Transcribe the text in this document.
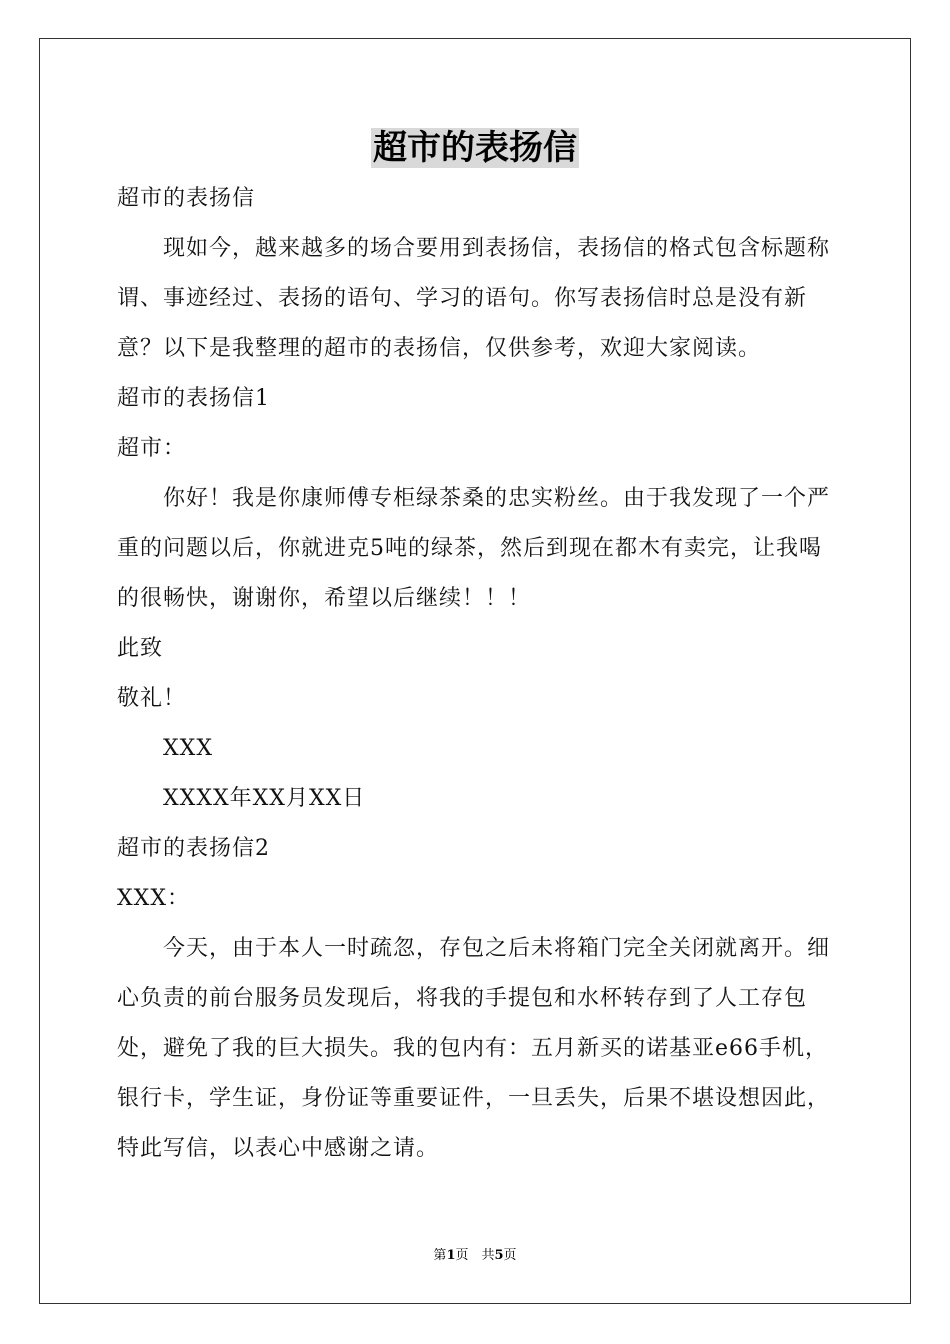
超市的表扬信

超市的表扬信

现如今，越来越多的场合要用到表扬信，表扬信的格式包含标题称谓、事迹经过、表扬的语句、学习的语句。你写表扬信时总是没有新意？以下是我整理的超市的表扬信，仅供参考，欢迎大家阅读。

超市的表扬信1

超市：

你好！我是你康师傅专柜绿茶桑的忠实粉丝。由于我发现了一个严重的问题以后，你就进克5吨的绿茶，然后到现在都木有卖完，让我喝的很畅快，谢谢你，希望以后继续！！！

此致

敬礼！

XXX

XXXX年XX月XX日

超市的表扬信2

XXX：

今天，由于本人一时疏忽，存包之后未将箱门完全关闭就离开。细心负责的前台服务员发现后，将我的手提包和水杯转存到了人工存包处，避免了我的巨大损失。我的包内有：五月新买的诺基亚e66手机，银行卡，学生证，身份证等重要证件，一旦丢失，后果不堪设想因此，特此写信，以表心中感谢之请。

第1页　共5页
